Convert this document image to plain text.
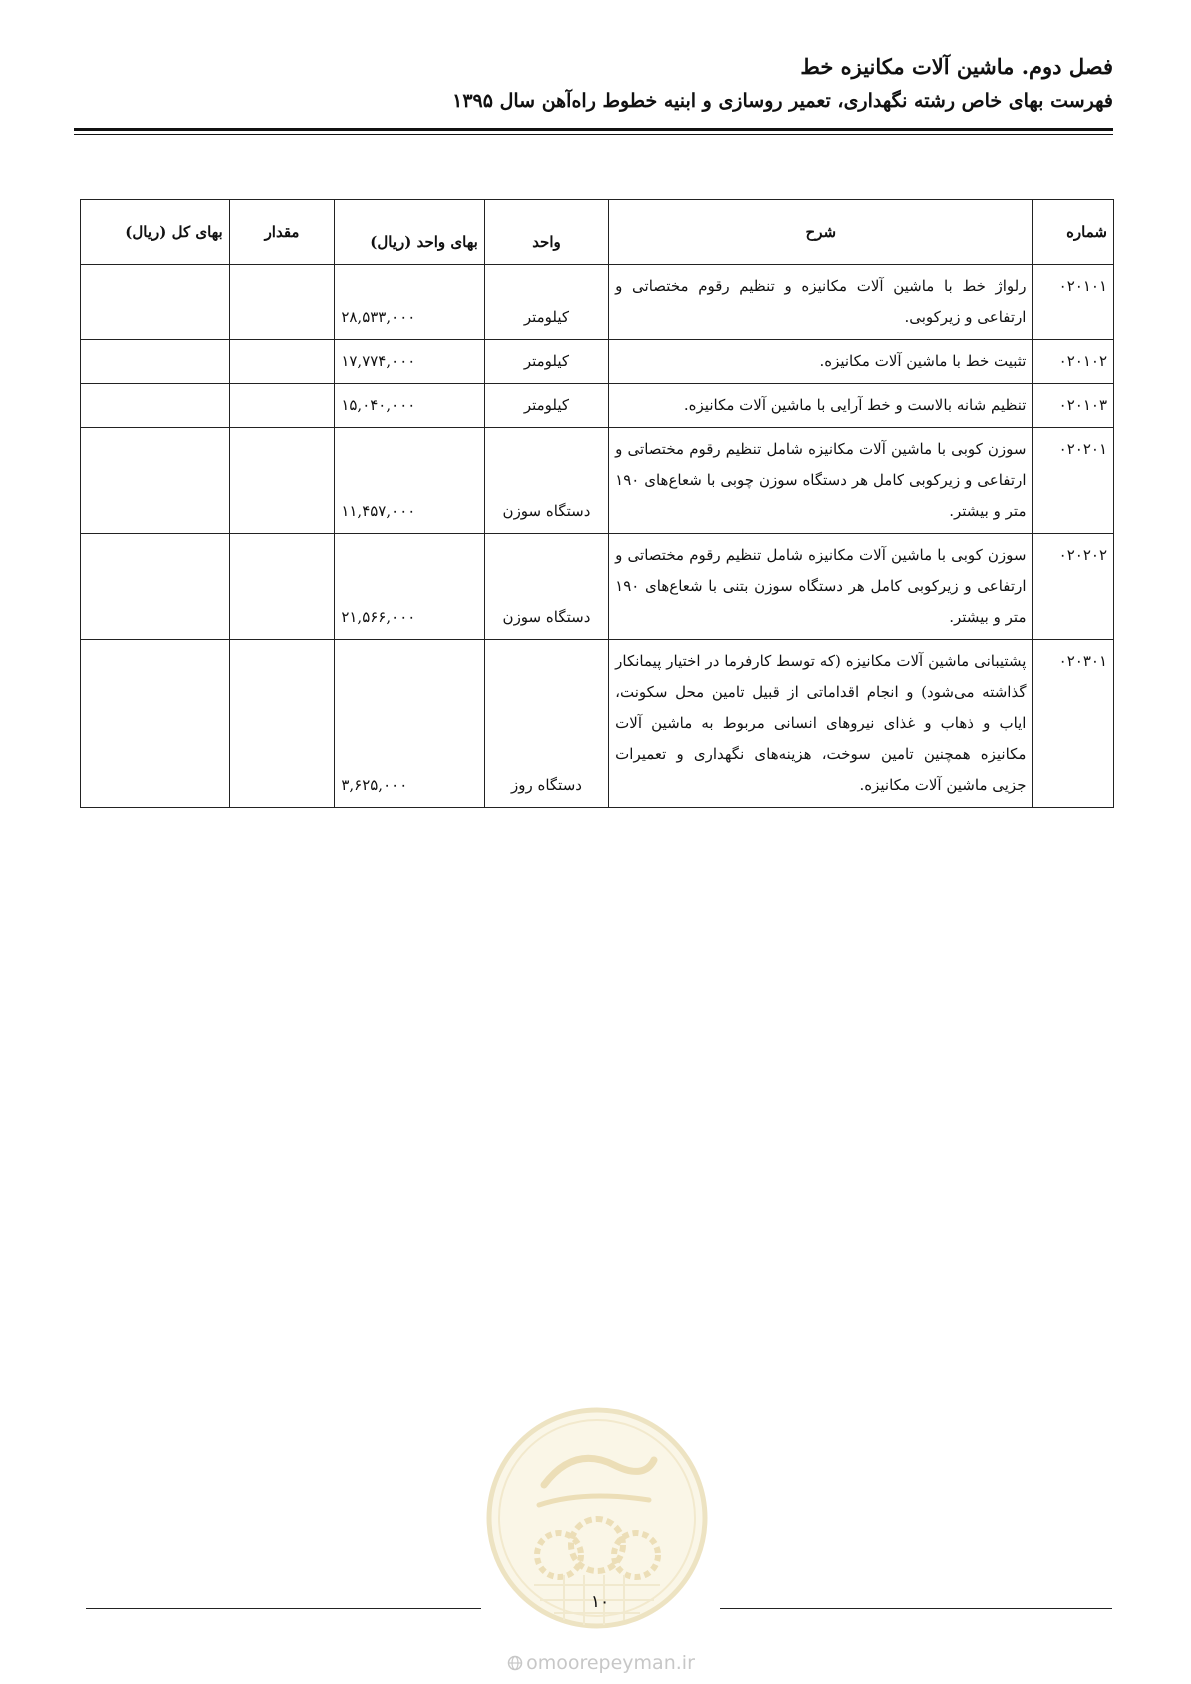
فصل دوم. ماشین آلات مکانیزه خط
فهرست بهای خاص رشته نگهداری، تعمیر روسازی و ابنیه خطوط راه‌آهن سال ۱۳۹۵
شماره	شرح	واحد	بهای واحد (ریال)	مقدار	بهای کل (ریال)
۰۲۰۱۰۱	رلواژ خط با ماشین آلات مکانیزه و تنظیم رقوم مختصاتی و ارتفاعی و زیرکوبی.	کیلومتر	۲۸,۵۳۳,۰۰۰		
۰۲۰۱۰۲	تثبیت خط با ماشین آلات مکانیزه.	کیلومتر	۱۷,۷۷۴,۰۰۰		
۰۲۰۱۰۳	تنظیم شانه بالاست و خط آرایی با ماشین آلات مکانیزه.	کیلومتر	۱۵,۰۴۰,۰۰۰		
۰۲۰۲۰۱	سوزن کوبی با ماشین آلات مکانیزه شامل تنظیم رقوم مختصاتی و ارتفاعی و زیرکوبی کامل هر دستگاه سوزن چوبی با شعاع‌های ۱۹۰ متر و بیشتر.	دستگاه سوزن	۱۱,۴۵۷,۰۰۰		
۰۲۰۲۰۲	سوزن کوبی با ماشین آلات مکانیزه شامل تنظیم رقوم مختصاتی و ارتفاعی و زیرکوبی کامل هر دستگاه سوزن بتنی با شعاع‌های ۱۹۰ متر و بیشتر.	دستگاه سوزن	۲۱,۵۶۶,۰۰۰		
۰۲۰۳۰۱	پشتیبانی ماشین آلات مکانیزه (که توسط کارفرما در اختیار پیمانکار گذاشته می‌شود) و انجام اقداماتی از قبیل تامین محل سکونت، ایاب و ذهاب و غذای نیروهای انسانی مربوط به ماشین آلات مکانیزه همچنین تامین سوخت، هزینه‌های نگهداری و تعمیرات جزیی ماشین آلات مکانیزه.	دستگاه روز	۳,۶۲۵,۰۰۰		
۱۰
omoorepeyman.ir
